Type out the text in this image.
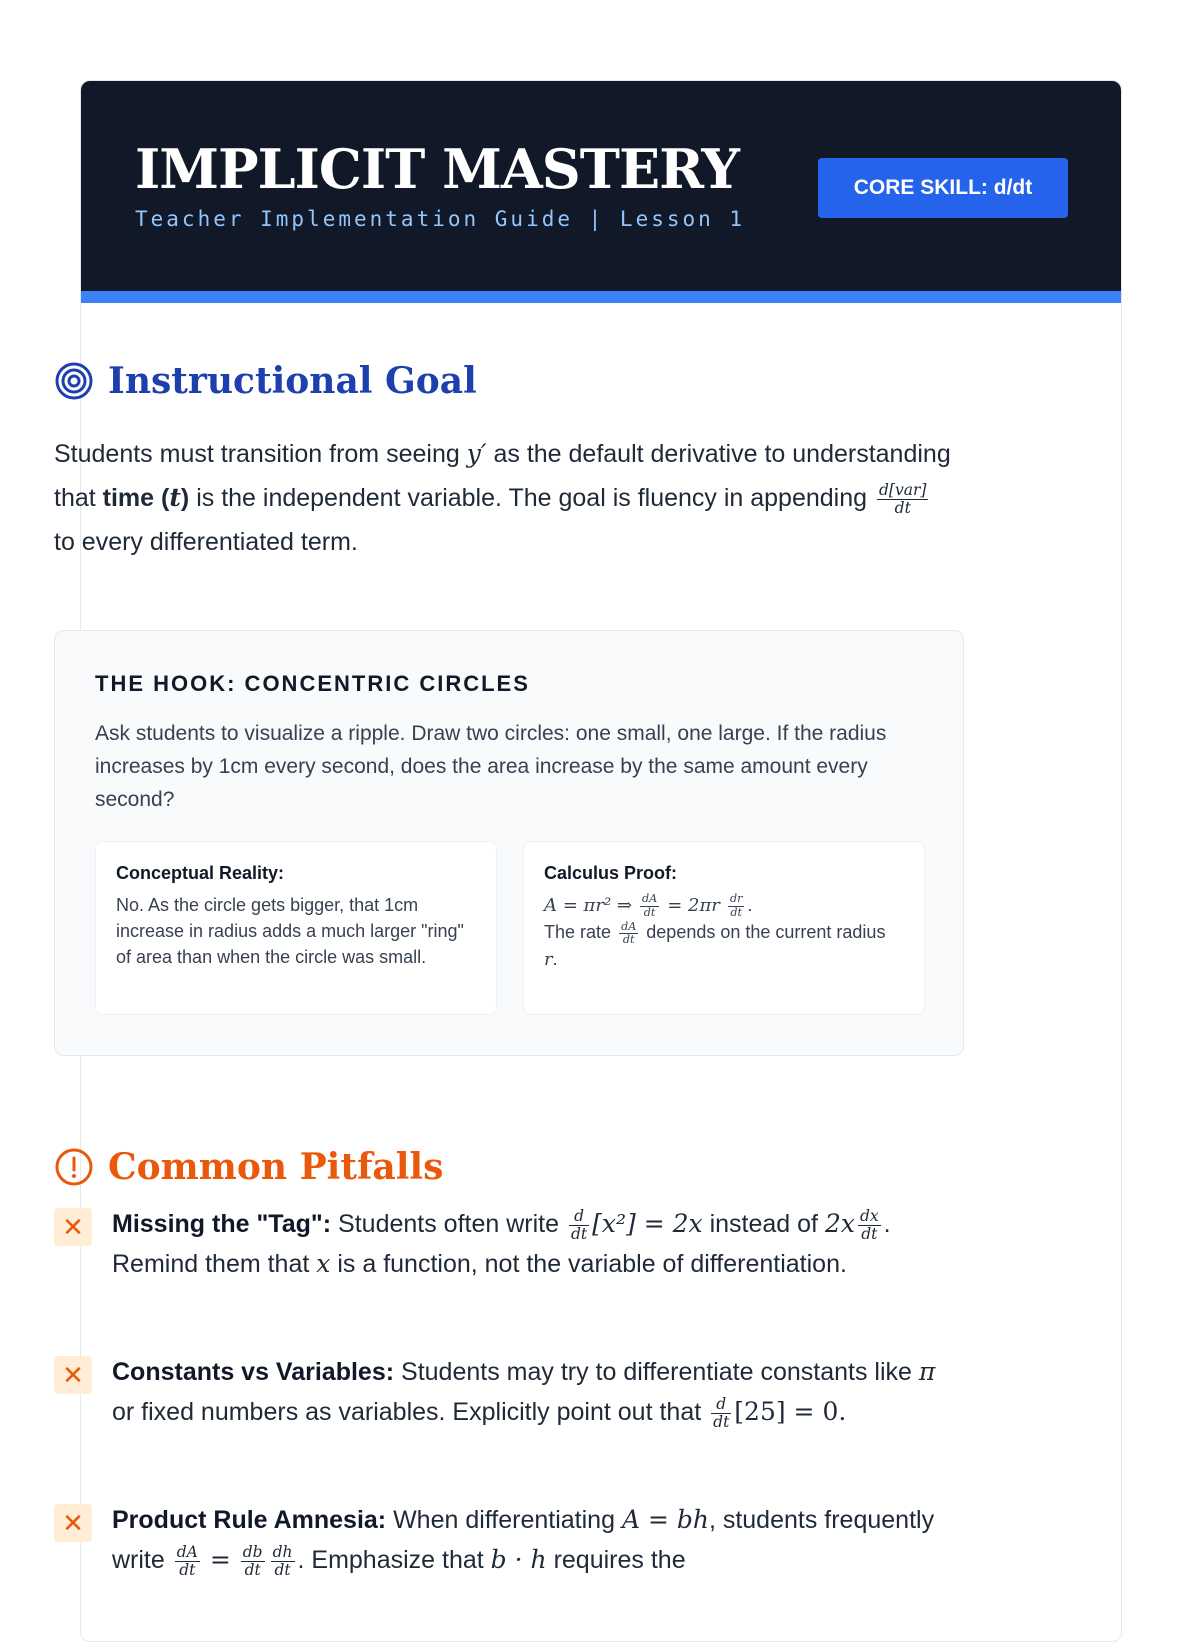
IMPLICIT MASTERY
Teacher Implementation Guide | Lesson 1
CORE SKILL: d/dt
Instructional Goal
Students must transition from seeing y′ as the default derivative to understanding that time (t) is the independent variable. The goal is fluency in appending $\frac{\text{d[var]}}{dt}$
to every differentiated term.
THE HOOK: CONCENTRIC CIRCLES
Ask students to visualize a ripple. Draw two circles: one small, one large. If the radius increases by 1cm every second, does the area increase by the same amount every second?
Conceptual Reality:
No. As the circle gets bigger, that 1cm increase in radius adds a much larger "ring" of area than when the circle was small.
Calculus Proof:
A = πr² ⇒ $\frac{dA}{dt} = 2\pi r \frac{dr}{dt}$ .
The rate $\frac{dA}{dt}$ depends on the current radius r.
Common Pitfalls
✕	Missing the "Tag": Students often write $\frac{d}{dt} [x^2] = 2x$ instead of $2x \frac{dx}{dt}$ . Remind them that x is a function, not the variable of differentiation.
✕	Constants vs Variables: Students may try to differentiate constants like π or fixed numbers as variables. Explicitly point out that $\frac{d}{dt} [25] = 0$.
✕	Product Rule Amnesia: When differentiating A = bh, students frequently write $\frac{dA}{dt} = \frac{db}{dt} \frac{dh}{dt}$ . Emphasize that b · h requires the
